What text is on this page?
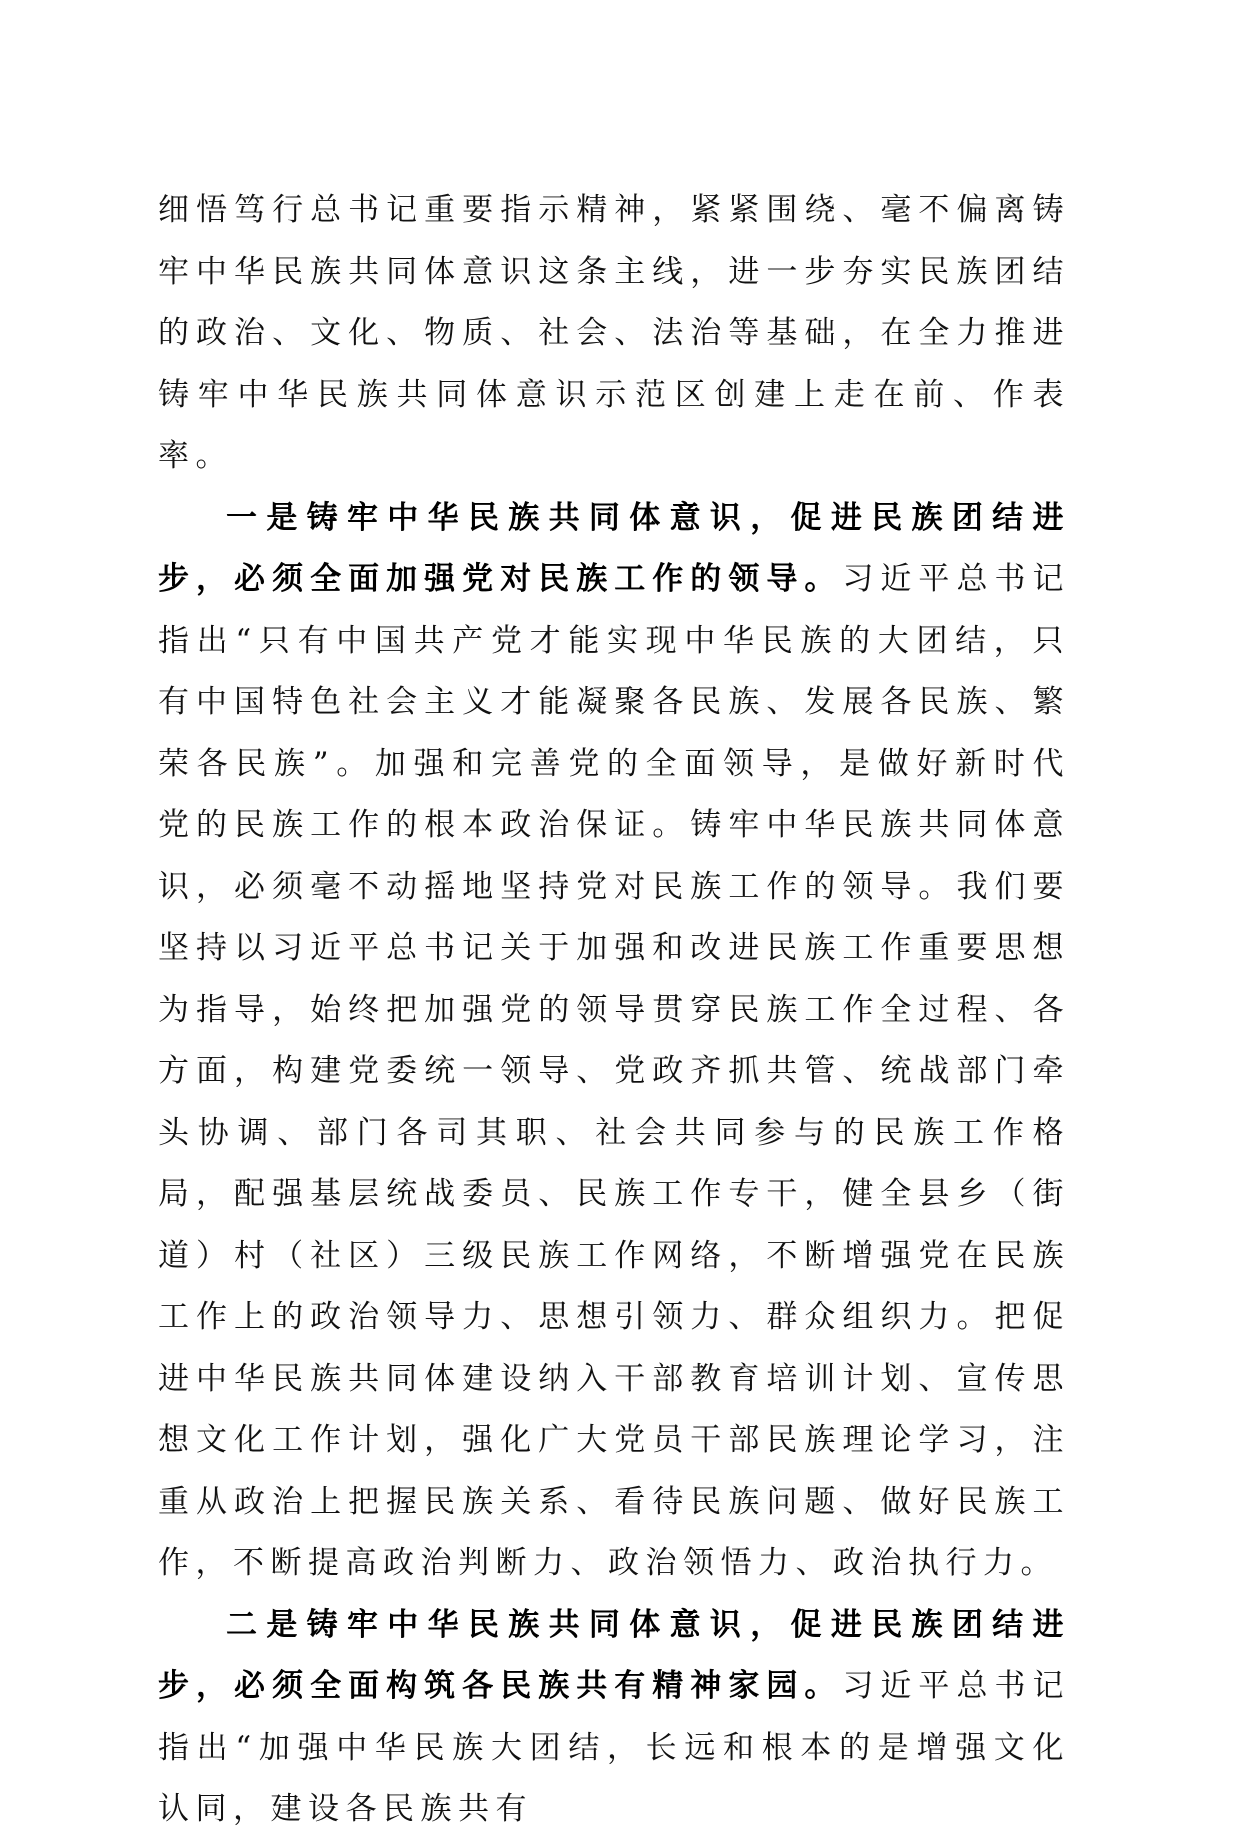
细悟笃行总书记重要指示精神，紧紧围绕、毫不偏离铸牢中华民族共同体意识这条主线，进一步夯实民族团结的政治、文化、物质、社会、法治等基础，在全力推进铸牢中华民族共同体意识示范区创建上走在前、作表率。

一是铸牢中华民族共同体意识，促进民族团结进步，必须全面加强党对民族工作的领导。习近平总书记指出“只有中国共产党才能实现中华民族的大团结，只有中国特色社会主义才能凝聚各民族、发展各民族、繁荣各民族”。加强和完善党的全面领导，是做好新时代党的民族工作的根本政治保证。铸牢中华民族共同体意识，必须毫不动摇地坚持党对民族工作的领导。我们要坚持以习近平总书记关于加强和改进民族工作重要思想为指导，始终把加强党的领导贯穿民族工作全过程、各方面，构建党委统一领导、党政齐抓共管、统战部门牵头协调、部门各司其职、社会共同参与的民族工作格局，配强基层统战委员、民族工作专干，健全县乡（街道）村（社区）三级民族工作网络，不断增强党在民族工作上的政治领导力、思想引领力、群众组织力。把促进中华民族共同体建设纳入干部教育培训计划、宣传思想文化工作计划，强化广大党员干部民族理论学习，注重从政治上把握民族关系、看待民族问题、做好民族工作，不断提高政治判断力、政治领悟力、政治执行力。

二是铸牢中华民族共同体意识，促进民族团结进步，必须全面构筑各民族共有精神家园。习近平总书记指出“加强中华民族大团结，长远和根本的是增强文化认同，建设各民族共有
